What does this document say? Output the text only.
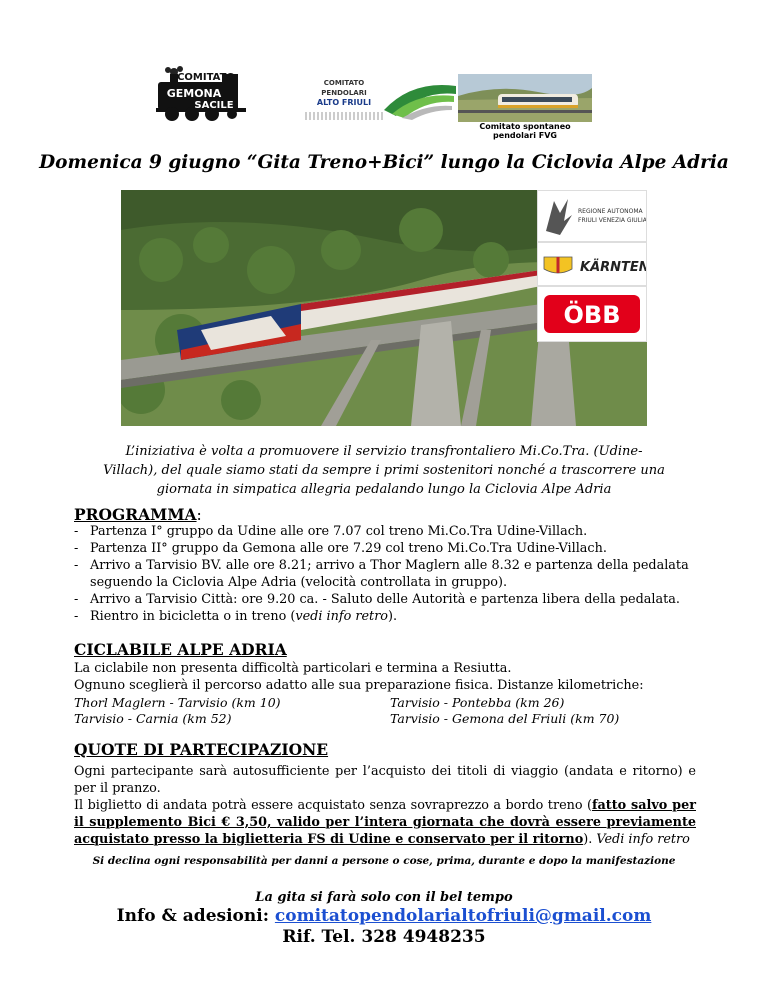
COMITATO
GEMONA
SACILE
COMITATO
PENDOLARI
ALTO FRIULI
Comitato spontaneo pendolari FVG
Domenica 9 giugno “Gita Treno+Bici” lungo la Ciclovia Alpe Adria
REGIONE AUTONOMA
FRIULI VENEZIA GIULIA
KÄRNTEN
ÖBB
L’iniziativa è volta a promuovere il servizio transfrontaliero Mi.Co.Tra. (Udine-Villach), del quale siamo stati da sempre i primi sostenitori nonché a trascorrere una giornata in simpatica allegria pedalando lungo la Ciclovia Alpe Adria
PROGRAMMA:
- Partenza I° gruppo da Udine alle ore 7.07 col treno Mi.Co.Tra Udine-Villach.
- Partenza II° gruppo da Gemona alle ore 7.29 col treno Mi.Co.Tra Udine-Villach.
- Arrivo a Tarvisio BV. alle ore 8.21; arrivo a Thor Maglern alle 8.32 e partenza della pedalata seguendo la Ciclovia Alpe Adria (velocità controllata in gruppo).
- Arrivo a Tarvisio Città: ore 9.20 ca. - Saluto delle Autorità e partenza libera della pedalata.
- Rientro in bicicletta o in treno (vedi info retro).
CICLABILE ALPE ADRIA
La ciclabile non presenta difficoltà particolari e termina a Resiutta.
Ognuno sceglierà il percorso adatto alle sua preparazione fisica. Distanze kilometriche:
Thorl Maglern - Tarvisio (km 10)	Tarvisio - Pontebba (km 26)
Tarvisio - Carnia (km 52)	Tarvisio - Gemona del Friuli (km 70)
QUOTE DI PARTECIPAZIONE
Ogni partecipante sarà autosufficiente per l’acquisto dei titoli di viaggio (andata e ritorno) e per il pranzo.
Il biglietto di andata potrà essere acquistato senza sovraprezzo a bordo treno (fatto salvo per il supplemento Bici € 3,50, valido per l’intera giornata che dovrà essere previamente acquistato presso la biglietteria FS di Udine e conservato per il ritorno). Vedi info retro
Si declina ogni responsabilità per danni a persone o cose, prima, durante e dopo la manifestazione
La gita si farà solo con il bel tempo
Info & adesioni: comitatopendolarialtofriuli@gmail.com
Rif. Tel. 328 4948235
